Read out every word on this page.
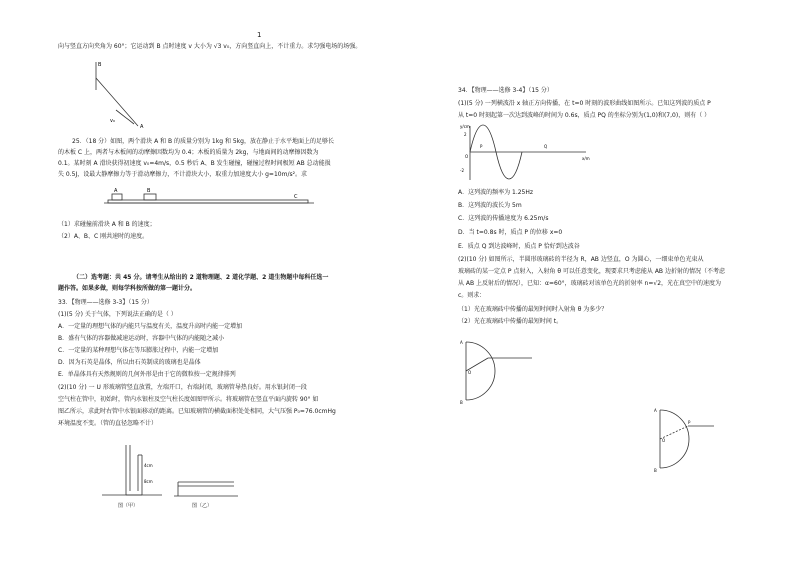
1
向与竖直方向夹角为 60°；它运动到 B 点时速度 v 大小为 √3 v₀，方向竖直向上，不计重力。求匀强电场的场强。
B
A
v₀
25．（18 分）如图，两个滑块 A 和 B 的质量分别为 1kg 和 5kg，放在静止于水平地面上的足够长
的木板 C 上，两者与木板间的动摩擦因数均为 0.4；木板的质量为 2kg，与地面间的动摩擦因数为
0.1。某时刻 A 滑块获得初速度 v₀=4m/s，0.5 秒后 A、B 发生碰撞，碰撞过程时间极短 AB 总动能损
失 0.5J，设最大静摩擦力等于滑动摩擦力，不计滑块大小，取重力加速度大小 g=10m/s²。求
A	B
C
（1）求碰撞前滑块 A 和 B 的速度；
（2）A、B、C 刚共速时的速度。
（二）选考题：共 45 分。请考生从给出的 2 道物理题、2 道化学题、2 道生物题中每科任选一
题作答。如果多做，则每学科按所做的第一题计分。
33．【物理——选修 3-3】（15 分）
(1)(5 分) 关于气体，下列说法正确的是（ ）
A．一定量的理想气体的内能只与温度有关，温度升高时内能一定增加
B．盛有气体的容器做减速运动时，容器中气体的内能随之减小
C．一定量的某种理想气体在等压膨胀过程中，内能一定增加
D．因为石英是晶体，所以由石英制成的玻璃也是晶体
E．单晶体具有天然规则的几何外形是由于它的微粒按一定规律排列
(2)(10 分) 一 U 形玻璃管竖直放置，左端开口，右端封闭，玻璃管导热良好。用水银封闭一段
空气柱在管中，初始时，管内水银柱及空气柱长度如图甲所示。将玻璃管在竖直平面内旋转 90° 如
图乙所示，求此时右管中水银面移动的距离。已知玻璃管的横截面积处处相同，大气压强 P₀=76.0cmHg
环境温度不变。（管的直径忽略不计）
4cm
8cm
图（甲）	图（乙）
34．【物理——选修 3-4】（15 分）
(1)(5 分) 一列横波沿 x 轴正方向传播，在 t=0 时刻的波形曲线如图所示。已知这列波的质点 P
从 t=0 时刻起第一次达到波峰的时间为 0.6s，质点 PQ 的坐标分别为(1,0)和(7,0)，则有（ ）
y/cm
x/m
2
-2
O
P	Q
A．这列波的频率为 1.25Hz
B．这列波的波长为 5m
C．这列波的传播速度为 6.25m/s
D．当 t=0.8s 时，质点 P 的位移 x=0
E．质点 Q 到达波峰时，质点 P 恰好到达波谷
(2)(10 分) 如图所示，半圆形玻璃砖的半径为 R，AB 边竖直，O 为圆心，一细束单色光束从
玻璃砖的某一定点 P 点射入，入射角 θ 可以任意变化，现要求只考虑能从 AB 边折射的情况（不考虑
从 AB 上反射后的情况），已知：α=60°，玻璃砖对该单色光的折射率 n=√2，光在真空中的速度为
c。则求：
（1）光在玻璃砖中传播的最短时间时入射角 θ 为多少？
（2）光在玻璃砖中传播的最短时间 t。
A
B
O
A
B
O
P
